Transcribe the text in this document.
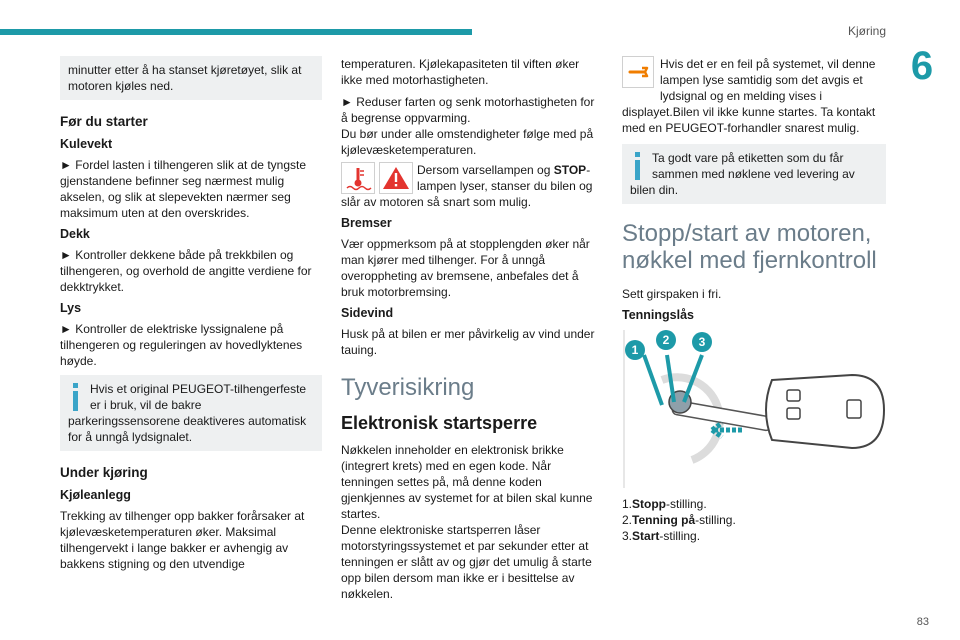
Kjøring
6
83
minutter etter å ha stanset kjøretøyet, slik at motoren kjøles ned.
Før du starter
Kulevekt

► Fordel lasten i tilhengeren slik at de tyngste gjenstandene befinner seg nærmest mulig akselen, og slik at slepevekten nærmer seg maksimum uten at den overskrides.

Dekk

► Kontroller dekkene både på trekkbilen og tilhengeren, og overhold de angitte verdiene for dekktrykket.

Lys

► Kontroller de elektriske lyssignalene på tilhengeren og reguleringen av hovedlyktenes høyde.

Hvis et original PEUGEOT-tilhengerfeste er i bruk, vil de bakre parkeringssensorene deaktiveres automatisk for å unngå lydsignalet.
Under kjøring
Kjøleanlegg

Trekking av tilhenger opp bakker forårsaker at kjølevæsketemperaturen øker. Maksimal tilhengervekt i lange bakker er avhengig av bakkens stigning og den utvendige

temperaturen. Kjølekapasiteten til viften øker ikke med motorhastigheten.

► Reduser farten og senk motorhastigheten for å begrense oppvarming.

Du bør under alle omstendigheter følge med på kjølevæsketemperaturen.

Dersom varsellampen og STOP-lampen lyser, stanser du bilen og slår av motoren så snart som mulig.

Bremser

Vær oppmerksom på at stopplengden øker når man kjører med tilhenger. For å unngå overoppheting av bremsene, anbefales det å bruk motorbremsing.

Sidevind

Husk på at bilen er mer påvirkelig av vind under tauing.

Tyverisikring
Elektronisk startsperre

Nøkkelen inneholder en elektronisk brikke (integrert krets) med en egen kode. Når tenningen settes på, må denne koden gjenkjennes av systemet for at bilen skal kunne startes.

Denne elektroniske startsperren låser motorstyringssystemet et par sekunder etter at tenningen er slått av og gjør det umulig å starte opp bilen dersom man ikke er i besittelse av nøkkelen.

Hvis det er en feil på systemet, vil denne lampen lyse samtidig som det avgis et lydsignal og en melding vises i displayet.Bilen vil ikke kunne startes. Ta kontakt med en PEUGEOT-forhandler snarest mulig.

Ta godt vare på etiketten som du får sammen med nøklene ved levering av bilen din.
Stopp/start av motoren, nøkkel med fjernkontroll

Sett girspaken i fri.

Tenningslås
1
2 3

1.Stopp-stilling.

2.Tenning på-stilling.

3.Start-stilling.
